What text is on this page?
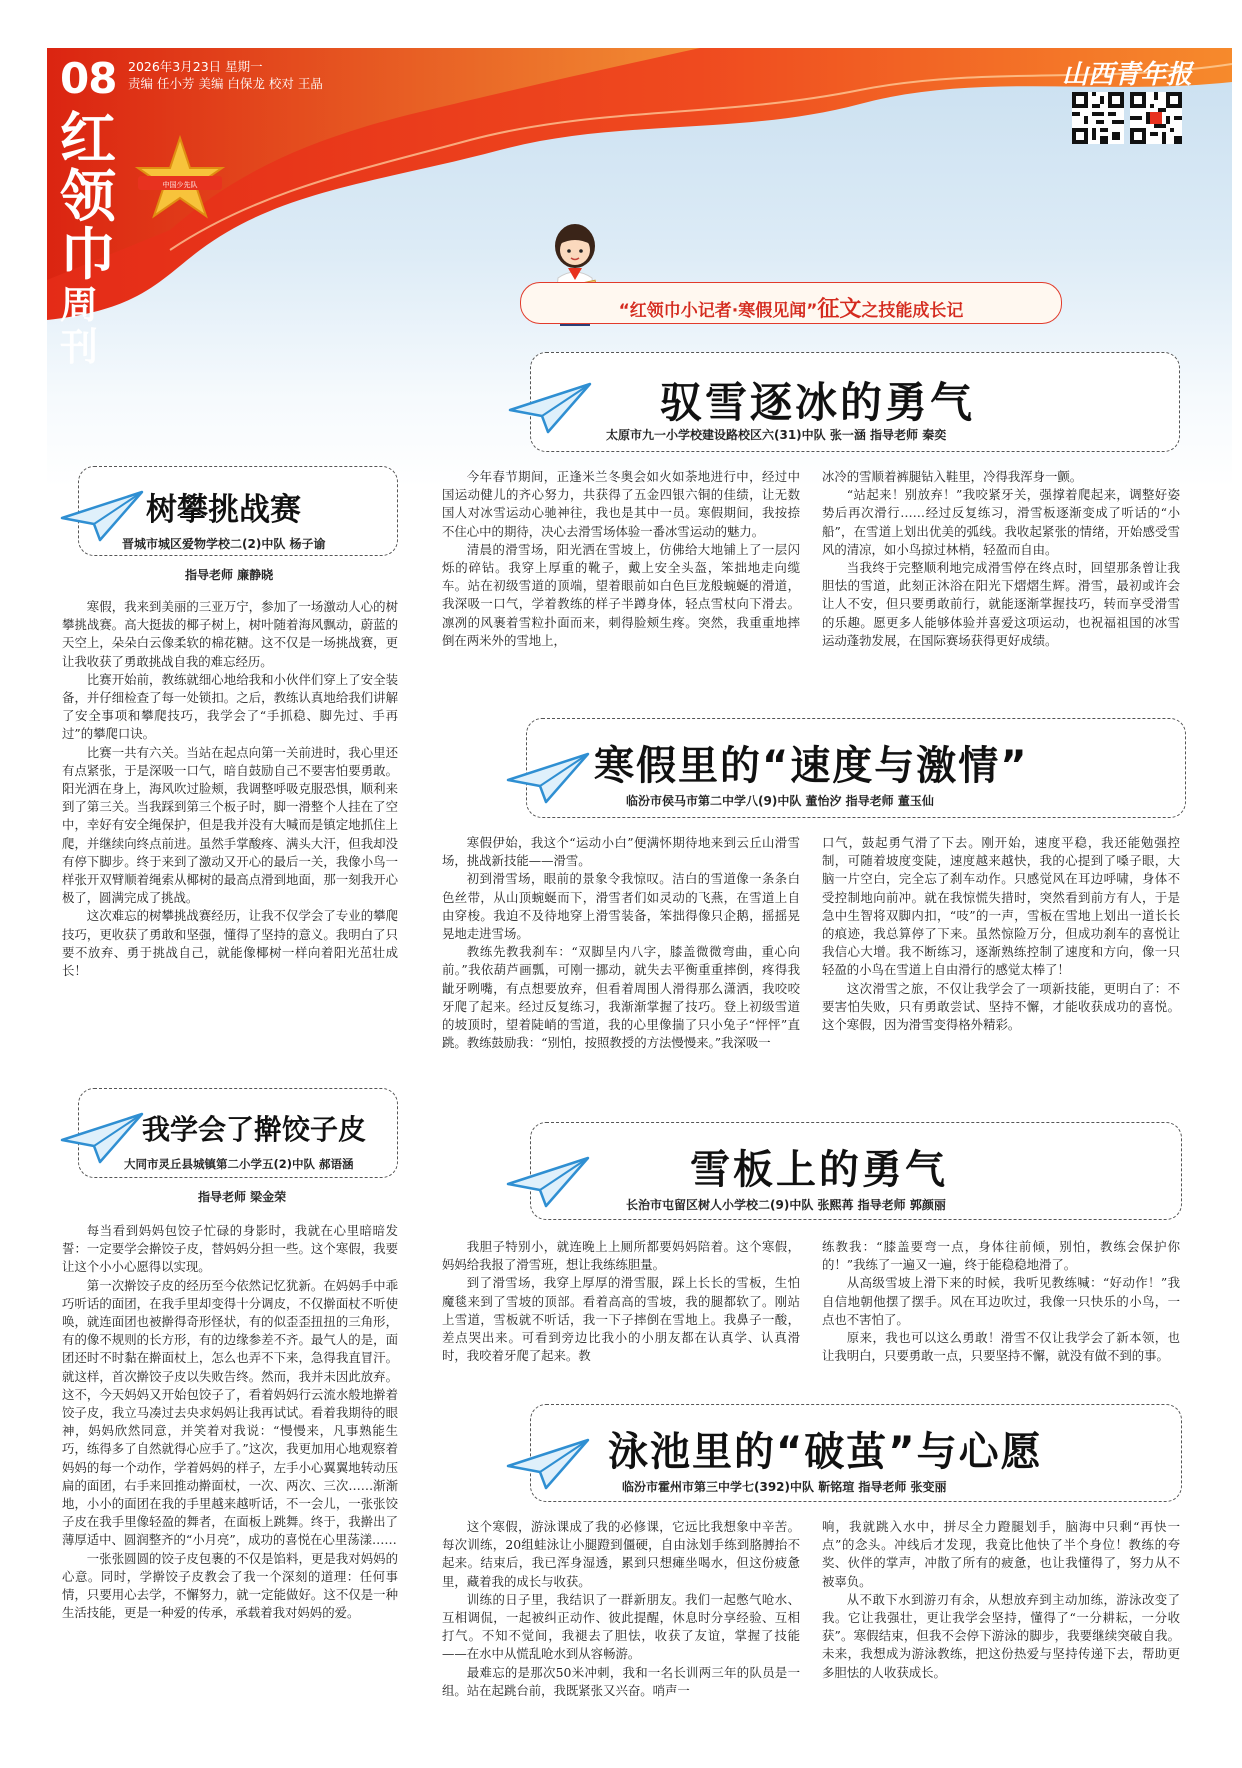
08 2026年3月23日 星期一
责编 任小芳 美编 白保龙 校对 王晶
红
领
巾
周
刊
中国少先队
山西青年报
“红领巾小记者·寒假见闻”征文之技能成长记
驭雪逐冰的勇气
太原市九一小学校建设路校区六(31)中队 张一涵 指导老师 秦奕

今年春节期间，正逢米兰冬奥会如火如荼地进行中，经过中国运动健儿的齐心努力，共获得了五金四银六铜的佳绩，让无数国人对冰雪运动心驰神往，我也是其中一员。寒假期间，我按捺不住心中的期待，决心去滑雪场体验一番冰雪运动的魅力。

清晨的滑雪场，阳光洒在雪坡上，仿佛给大地铺上了一层闪烁的碎钻。我穿上厚重的靴子，戴上安全头盔，笨拙地走向缆车。站在初级雪道的顶端，望着眼前如白色巨龙般蜿蜒的滑道，我深吸一口气，学着教练的样子半蹲身体，轻点雪杖向下滑去。凛冽的风裹着雪粒扑面而来，刺得脸颊生疼。突然，我重重地摔倒在两米外的雪地上，

冰冷的雪顺着裤腿钻入鞋里，冷得我浑身一颤。

“站起来！别放弃！”我咬紧牙关，强撑着爬起来，调整好姿势后再次滑行……经过反复练习，滑雪板逐渐变成了听话的“小船”，在雪道上划出优美的弧线。我收起紧张的情绪，开始感受雪风的清凉，如小鸟掠过林梢，轻盈而自由。

当我终于完整顺利地完成滑雪停在终点时，回望那条曾让我胆怯的雪道，此刻正沐浴在阳光下熠熠生辉。滑雪，最初或许会让人不安，但只要勇敢前行，就能逐渐掌握技巧，转而享受滑雪的乐趣。愿更多人能够体验并喜爱这项运动，也祝福祖国的冰雪运动蓬勃发展，在国际赛场获得更好成绩。

树攀挑战赛
晋城市城区爱物学校二(2)中队 杨子谕
指导老师 廉静晓

寒假，我来到美丽的三亚万宁，参加了一场激动人心的树攀挑战赛。高大挺拔的椰子树上，树叶随着海风飘动，蔚蓝的天空上，朵朵白云像柔软的棉花糖。这不仅是一场挑战赛，更让我收获了勇敢挑战自我的难忘经历。

比赛开始前，教练就细心地给我和小伙伴们穿上了安全装备，并仔细检查了每一处锁扣。之后，教练认真地给我们讲解了安全事项和攀爬技巧，我学会了“手抓稳、脚先过、手再过”的攀爬口诀。

比赛一共有六关。当站在起点向第一关前进时，我心里还有点紧张，于是深吸一口气，暗自鼓励自己不要害怕要勇敢。阳光洒在身上，海风吹过脸颊，我调整呼吸克服恐惧，顺利来到了第三关。当我踩到第三个板子时，脚一滑整个人挂在了空中，幸好有安全绳保护，但是我并没有大喊而是镇定地抓住上爬，并继续向终点前进。虽然手掌酸疼、满头大汗，但我却没有停下脚步。终于来到了激动又开心的最后一关，我像小鸟一样张开双臂顺着绳索从椰树的最高点滑到地面，那一刻我开心极了，圆满完成了挑战。

这次难忘的树攀挑战赛经历，让我不仅学会了专业的攀爬技巧，更收获了勇敢和坚强，懂得了坚持的意义。我明白了只要不放弃、勇于挑战自己，就能像椰树一样向着阳光茁壮成长！

寒假里的“速度与激情”
临汾市侯马市第二中学八(9)中队 董怡汐 指导老师 董玉仙

寒假伊始，我这个“运动小白”便满怀期待地来到云丘山滑雪场，挑战新技能——滑雪。

初到滑雪场，眼前的景象令我惊叹。洁白的雪道像一条条白色丝带，从山顶蜿蜒而下，滑雪者们如灵动的飞燕，在雪道上自由穿梭。我迫不及待地穿上滑雪装备，笨拙得像只企鹅，摇摇晃晃地走进雪场。

教练先教我刹车：“双脚呈内八字，膝盖微微弯曲，重心向前。”我依葫芦画瓢，可刚一挪动，就失去平衡重重摔倒，疼得我龇牙咧嘴，有点想要放弃，但看着周围人滑得那么潇洒，我咬咬牙爬了起来。经过反复练习，我渐渐掌握了技巧。登上初级雪道的坡顶时，望着陡峭的雪道，我的心里像揣了只小兔子“怦怦”直跳。教练鼓励我：“别怕，按照教授的方法慢慢来。”我深吸一

口气，鼓起勇气滑了下去。刚开始，速度平稳，我还能勉强控制，可随着坡度变陡，速度越来越快，我的心提到了嗓子眼，大脑一片空白，完全忘了刹车动作。只感觉风在耳边呼啸，身体不受控制地向前冲。就在我惊慌失措时，突然看到前方有人，于是急中生智将双脚内扣，“吱”的一声，雪板在雪地上划出一道长长的痕迹，我总算停了下来。虽然惊险万分，但成功刹车的喜悦让我信心大增。我不断练习，逐渐熟练控制了速度和方向，像一只轻盈的小鸟在雪道上自由滑行的感觉太棒了！

这次滑雪之旅，不仅让我学会了一项新技能，更明白了：不要害怕失败，只有勇敢尝试、坚持不懈，才能收获成功的喜悦。这个寒假，因为滑雪变得格外精彩。

我学会了擀饺子皮
大同市灵丘县城镇第二小学五(2)中队 郝语涵
指导老师 梁金荣

每当看到妈妈包饺子忙碌的身影时，我就在心里暗暗发誓：一定要学会擀饺子皮，替妈妈分担一些。这个寒假，我要让这个小小心愿得以实现。

第一次擀饺子皮的经历至今依然记忆犹新。在妈妈手中乖巧听话的面团，在我手里却变得十分调皮，不仅擀面杖不听使唤，就连面团也被擀得奇形怪状，有的似歪歪扭扭的三角形，有的像不规则的长方形，有的边缘参差不齐。最气人的是，面团还时不时黏在擀面杖上，怎么也弄不下来，急得我直冒汗。就这样，首次擀饺子皮以失败告终。然而，我并未因此放弃。这不，今天妈妈又开始包饺子了，看着妈妈行云流水般地擀着饺子皮，我立马凑过去央求妈妈让我再试试。看着我期待的眼神，妈妈欣然同意，并笑着对我说：“慢慢来，凡事熟能生巧，练得多了自然就得心应手了。”这次，我更加用心地观察着妈妈的每一个动作，学着妈妈的样子，左手小心翼翼地转动压扁的面团，右手来回推动擀面杖，一次、两次、三次……渐渐地，小小的面团在我的手里越来越听话，不一会儿，一张张饺子皮在我手里像轻盈的舞者，在面板上跳舞。终于，我擀出了薄厚适中、圆润整齐的“小月亮”，成功的喜悦在心里荡漾……

一张张圆圆的饺子皮包裹的不仅是馅料，更是我对妈妈的心意。同时，学擀饺子皮教会了我一个深刻的道理：任何事情，只要用心去学，不懈努力，就一定能做好。这不仅是一种生活技能，更是一种爱的传承，承载着我对妈妈的爱。

雪板上的勇气
长治市屯留区树人小学校二(9)中队 张熙苒 指导老师 郭颜丽

我胆子特别小，就连晚上上厕所都要妈妈陪着。这个寒假，妈妈给我报了滑雪班，想让我练练胆量。

到了滑雪场，我穿上厚厚的滑雪服，踩上长长的雪板，生怕魔毯来到了雪坡的顶部。看着高高的雪坡，我的腿都软了。刚站上雪道，雪板就不听话，我一下子摔倒在雪地上。我鼻子一酸，差点哭出来。可看到旁边比我小的小朋友都在认真学、认真滑时，我咬着牙爬了起来。教

练教我：“膝盖要弯一点，身体往前倾，别怕，教练会保护你的！”我练了一遍又一遍，终于能稳稳地滑了。

从高级雪坡上滑下来的时候，我听见教练喊：“好动作！”我自信地朝他摆了摆手。风在耳边吹过，我像一只快乐的小鸟，一点也不害怕了。

原来，我也可以这么勇敢！滑雪不仅让我学会了新本领，也让我明白，只要勇敢一点，只要坚持不懈，就没有做不到的事。

泳池里的“破茧”与心愿
临汾市霍州市第三中学七(392)中队 靳铭瑄 指导老师 张变丽

这个寒假，游泳课成了我的必修课，它远比我想象中辛苦。每次训练，20组蛙泳让小腿蹬到僵硬，自由泳划手练到胳膊抬不起来。结束后，我已浑身湿透，累到只想瘫坐喝水，但这份疲惫里，藏着我的成长与收获。

训练的日子里，我结识了一群新朋友。我们一起憋气呛水、互相调侃，一起被纠正动作、彼此提醒，休息时分享经验、互相打气。不知不觉间，我褪去了胆怯，收获了友谊，掌握了技能——在水中从慌乱呛水到从容畅游。

最难忘的是那次50米冲刺，我和一名长训两三年的队员是一组。站在起跳台前，我既紧张又兴奋。哨声一

响，我就跳入水中，拼尽全力蹬腿划手，脑海中只剩“再快一点”的念头。冲线后才发现，我竟比他快了半个身位！教练的夸奖、伙伴的掌声，冲散了所有的疲惫，也让我懂得了，努力从不被辜负。

从不敢下水到游刃有余，从想放弃到主动加练，游泳改变了我。它让我强壮，更让我学会坚持，懂得了“一分耕耘，一分收获”。寒假结束，但我不会停下游泳的脚步，我要继续突破自我。未来，我想成为游泳教练，把这份热爱与坚持传递下去，帮助更多胆怯的人收获成长。
